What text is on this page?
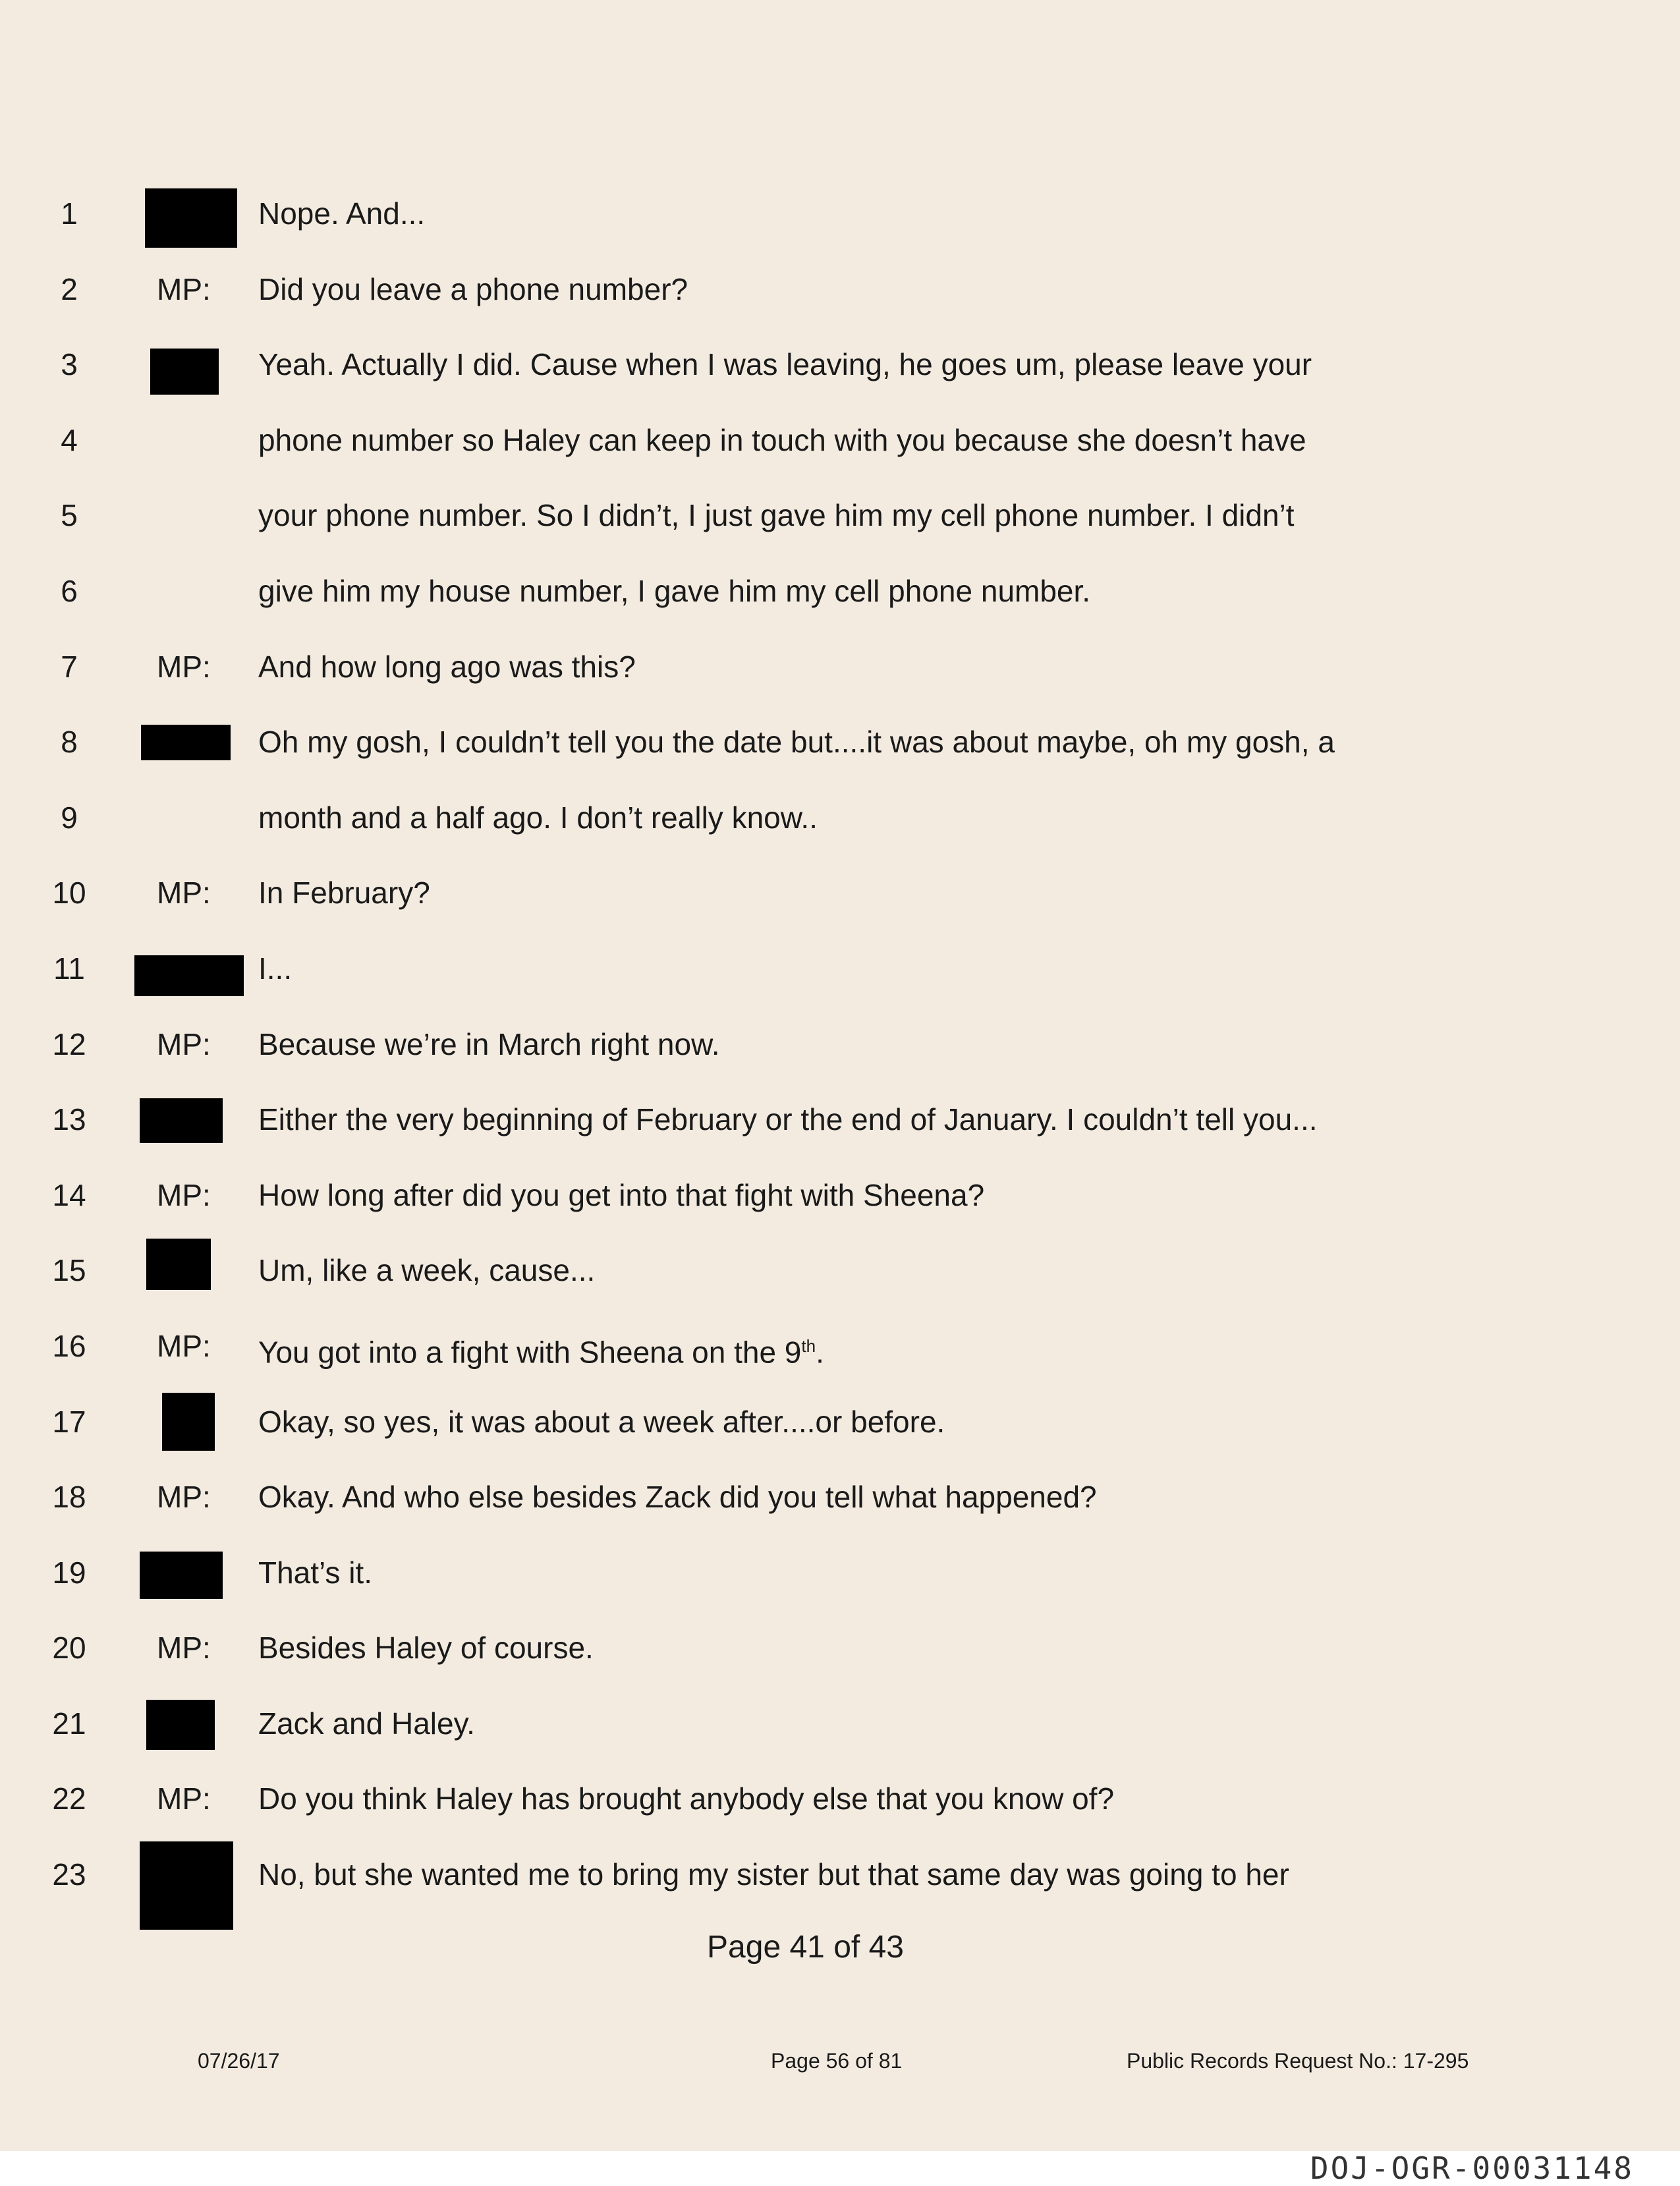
1	Nope. And...
2	MP: Did you leave a phone number?
3	Yeah. Actually I did. Cause when I was leaving, he goes um, please leave your
4	phone number so Haley can keep in touch with you because she doesn’t have
5	your phone number. So I didn’t, I just gave him my cell phone number. I didn’t
6	give him my house number, I gave him my cell phone number.
7	MP: And how long ago was this?
8	Oh my gosh, I couldn’t tell you the date but....it was about maybe, oh my gosh, a
9	month and a half ago. I don’t really know..
10	MP: In February?
11	I...
12	MP: Because we’re in March right now.
13	Either the very beginning of February or the end of January. I couldn’t tell you...
14	MP: How long after did you get into that fight with Sheena?
15	Um, like a week, cause...
16	MP: You got into a fight with Sheena on the 9th.
17	Okay, so yes, it was about a week after....or before.
18	MP: Okay. And who else besides Zack did you tell what happened?
19	That’s it.
20	MP: Besides Haley of course.
21	Zack and Haley.
22	MP: Do you think Haley has brought anybody else that you know of?
23	No, but she wanted me to bring my sister but that same day was going to her
Page 41 of 43
07/26/17	Page 56 of 81	Public Records Request No.: 17-295
DOJ-OGR-00031148
